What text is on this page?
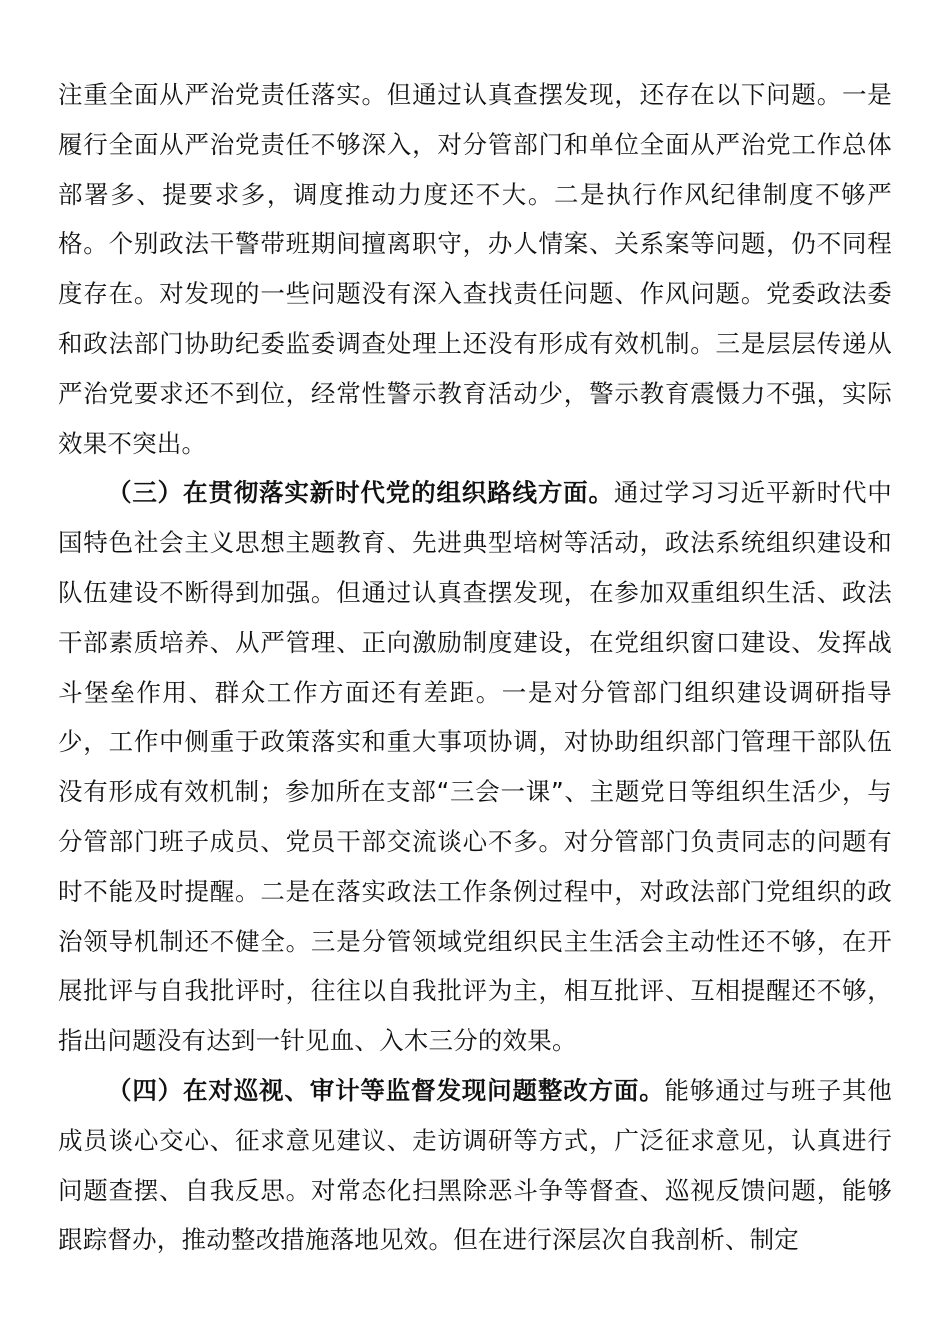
注重全面从严治党责任落实。但通过认真查摆发现，还存在以下问题。一是履行全面从严治党责任不够深入，对分管部门和单位全面从严治党工作总体部署多、提要求多，调度推动力度还不大。二是执行作风纪律制度不够严格。个别政法干警带班期间擅离职守，办人情案、关系案等问题，仍不同程度存在。对发现的一些问题没有深入查找责任问题、作风问题。党委政法委和政法部门协助纪委监委调查处理上还没有形成有效机制。三是层层传递从严治党要求还不到位，经常性警示教育活动少，警示教育震慑力不强，实际效果不突出。

（三）在贯彻落实新时代党的组织路线方面。通过学习习近平新时代中国特色社会主义思想主题教育、先进典型培树等活动，政法系统组织建设和队伍建设不断得到加强。但通过认真查摆发现，在参加双重组织生活、政法干部素质培养、从严管理、正向激励制度建设，在党组织窗口建设、发挥战斗堡垒作用、群众工作方面还有差距。一是对分管部门组织建设调研指导少，工作中侧重于政策落实和重大事项协调，对协助组织部门管理干部队伍没有形成有效机制；参加所在支部“三会一课”、主题党日等组织生活少，与分管部门班子成员、党员干部交流谈心不多。对分管部门负责同志的问题有时不能及时提醒。二是在落实政法工作条例过程中，对政法部门党组织的政治领导机制还不健全。三是分管领域党组织民主生活会主动性还不够，在开展批评与自我批评时，往往以自我批评为主，相互批评、互相提醒还不够，指出问题没有达到一针见血、入木三分的效果。

（四）在对巡视、审计等监督发现问题整改方面。能够通过与班子其他成员谈心交心、征求意见建议、走访调研等方式，广泛征求意见，认真进行问题查摆、自我反思。对常态化扫黑除恶斗争等督查、巡视反馈问题，能够跟踪督办，推动整改措施落地见效。但在进行深层次自我剖析、制定
